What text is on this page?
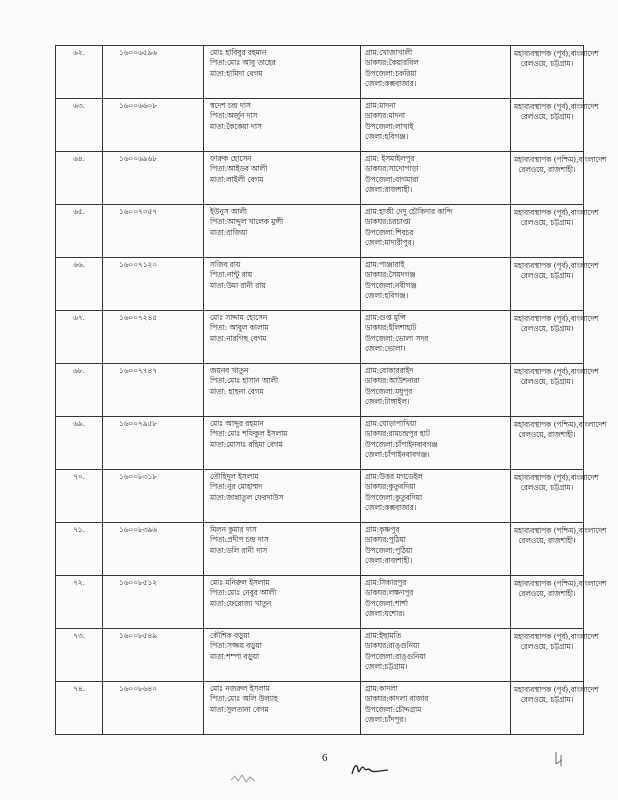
৬২.	১৬০০৬৫৯৬	মোঃ হাবিবুর রহমান
পিতা:মোঃ আবু তাহের
মাতা:হামিদা বেগম	গ্রাম:খোজাখালী
ডাকঘর:কৈয়ারবিল
উপজেলা:চকরিয়া
জেলা:কক্সবাজার।	মহাব্যবস্থাপক (পূর্ব),বাংলাদেশ
রেলওয়ে, চট্টগ্রাম।

৬৩.	১৬০০৬৬০৮	স্বদেশ চন্দ্র দাস
পিতা:অর্জুন দাস
মাতা:কৈকেয়া দাস	গ্রাম:মাদনা
ডাকঘর:মাদনা
উপজেলা:লাখাই
জেলা:হবিগঞ্জ।	মহাব্যবস্থাপক (পূর্ব),বাংলাদেশ
রেলওয়ে, চট্টগ্রাম।

৬৪.	১৬০০৬৯৬৮	ফারুক হোসেন
পিতা:আইডব আলী
মাতা:লাইলী বেগম	গ্রাম: ইসমাইলপুর
ডাকঘর:সাদোপাড়া
উপজেলা:বাগমারা
জেলা:রাজশাহী।	মহাব্যবস্থাপক (পশ্চিম),বাংলাদেশ
রেলওয়ে, রাজশাহী।

৬৫.	১৬০০৭০৫৭	ইউনুস আলী
পিতা:আব্দুল খালেক মুন্সী
মাতা:রাজিয়া	গ্রাম:হাজী দেদু চৌকিদার কান্দি
ডাকঘর:চরচাপ্তা
উপজেলা:শিবচর
জেলা:মাদারীপুর।	মহাব্যবস্থাপক (পূর্ব),বাংলাদেশ
রেলওয়ে, চট্টগ্রাম।

৬৬.	১৬০০৭১২০	সজিব রায়
পিতা:নান্টু রায়
মাতা:উমা রানী রায়	গ্রাম:পাঞ্জারাই
ডাকঘর:সৈয়দগঞ্জ
উপজেলা:নবীগঞ্জ
জেলা:হবিগঞ্জ।	মহাব্যবস্থাপক (পূর্ব),বাংলাদেশ
রেলওয়ে, চট্টগ্রাম।

৬৭.	১৬০০৭২৪৫	মোঃ সাদ্দাম হোসেন
পিতা: আবুল কালাম
মাতা:নারগিছ বেগম	গ্রাম:গুপ্ত মুন্সি
ডাকঘর:ইলিশাহাট
উপজেলা:ভোলা সদর
জেলা:ভোলা।	মহাব্যবস্থাপক (পূর্ব),বাংলাদেশ
রেলওয়ে, চট্টগ্রাম।

৬৮.	১৬০০৭৭৪৭	জয়নব খাতুন
পিতা:মোঃ হাসান আলী
মাতা: হাছনা বেগম	গ্রাম:বোকাররাইদ
ডাকঘর:আউশনারা
উপজেলা:মধুপুর
জেলা:টাঙ্গাইল।	মহাব্যবস্থাপক (পূর্ব),বাংলাদেশ
রেলওয়ে, চট্টগ্রাম।

৬৯.	১৬০০৭৯৫৮	মোঃ আব্দুর রহমান
পিতা:মোঃ শফিকুল ইসলাম
মাতা:মোসাঃ রহিমা বেগম	গ্রাম:ঘোড়াপাখিয়া
ডাকঘর:রামচন্দ্রপুর হাট
উপজেলা:চাঁপাইনবাবগঞ্জ
জেলা:চাঁপাইনবাবগঞ্জ।	মহাব্যবস্থাপক (পশ্চিম),বাংলাদেশ
রেলওয়ে, রাজশাহী।

৭০.	১৬০০৮৩১৮	তৌহিদুল ইসলাম
পিতা:নুর মোহাম্মদ
মাতা:জান্নাতুল ফেরদাউস	গ্রাম:উত্তর মগডেইল
ডাকঘর:কুতুবদিয়া
উপজেলা:কুতুবদিয়া
জেলা:কক্সবাজার।	মহাব্যবস্থাপক (পূর্ব),বাংলাদেশ
রেলওয়ে, চট্টগ্রাম।

৭১.	১৬০০৮৩৯৬	মিলন কুমার দাস
পিতা:প্রদীপ চন্দ্র দাস
মাতা:ডলি রানী দাস	গ্রাম:কৃষ্ণপুর
ডাকঘর:পুঠিয়া
উপজেলা:পুঠিয়া
জেলা:রাজশাহী।	মহাব্যবস্থাপক (পশ্চিম),বাংলাদেশ
রেলওয়ে, রাজশাহী।

৭২.	১৬০০৮৫১২	মোঃ মনিরুল ইসলাম
পিতা:মোঃ নেবুর আলী
মাতা:ফেরোজা খাতুন	গ্রাম:সিকারপুর
ডাকঘর:লক্ষণপুর
উপজেলা:শার্শা
জেলা:যশোর।	মহাব্যবস্থাপক (পশ্চিম),বাংলাদেশ
রেলওয়ে, রাজশাহী।

৭৩.	১৬০০৮৫৪৯	কৌশিক বড়ুয়া
পিতা:সজ্জয় বড়ুয়া
মাতা:শম্পা বড়ুয়া	গ্রাম:ইছামতি
ডাকঘর:রাঙ্গুনিয়া
উপজেলা:রাঙ্গুনিয়া
জেলা:চট্টগ্রাম।	মহাব্যবস্থাপক (পূর্ব),বাংলাদেশ
রেলওয়ে, চট্টগ্রাম।

৭৪.	১৬০০৮৬৪০	মোঃ নজরুল ইসলাম
পিতা:মোঃ অলি উল্যাহ
মাতা:সুলতানা বেগম	গ্রাম:কাদলা
ডাকঘর:কাদলা বাজার
উপজেলা:চৌদ্দগ্রাম
জেলা:চাঁদপুর।	মহাব্যবস্থাপক (পূর্ব),বাংলাদেশ
রেলওয়ে, চট্টগ্রাম।
6
